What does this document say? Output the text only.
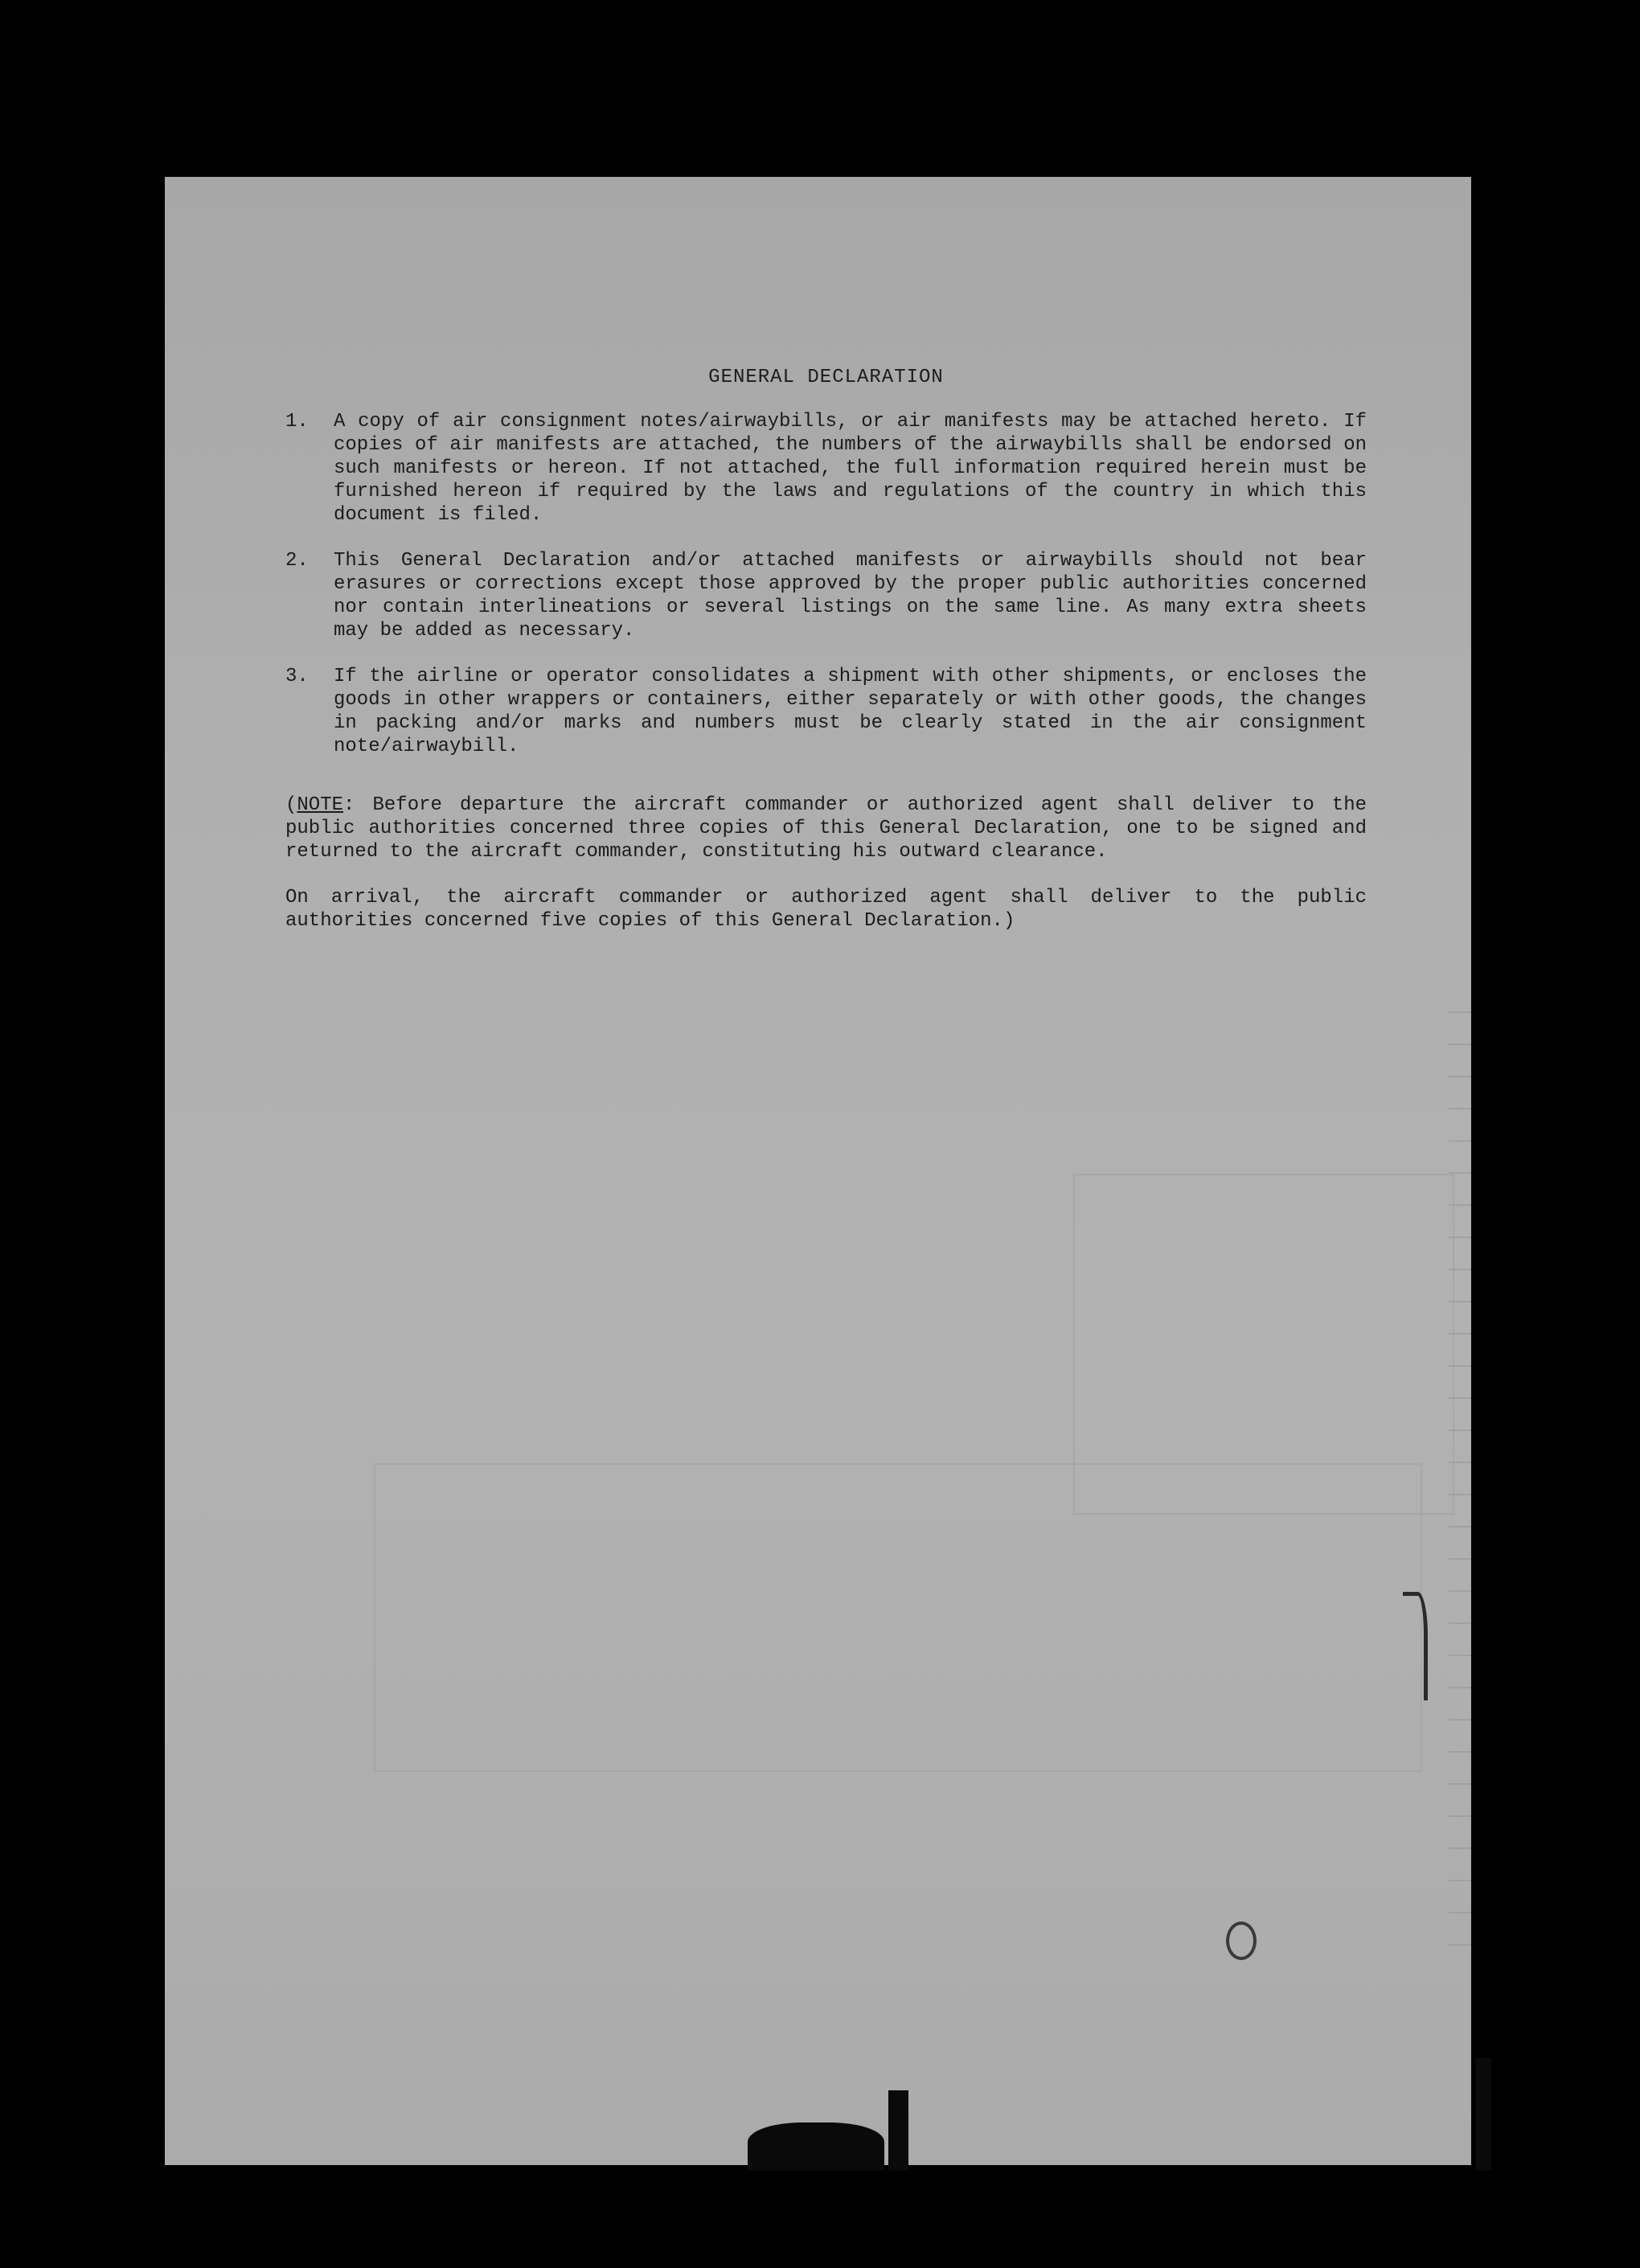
GENERAL DECLARATION
1.	A copy of air consignment notes/airwaybills, or air manifests may be attached hereto. If copies of air manifests are attached, the numbers of the airwaybills shall be endorsed on such manifests or hereon. If not attached, the full information required herein must be furnished hereon if required by the laws and regulations of the country in which this document is filed.
2.	This General Declaration and/or attached manifests or airwaybills should not bear erasures or corrections except those approved by the proper public authorities concerned nor contain interlineations or several listings on the same line. As many extra sheets may be added as necessary.
3.	If the airline or operator consolidates a shipment with other shipments, or encloses the goods in other wrappers or containers, either separately or with other goods, the changes in packing and/or marks and numbers must be clearly stated in the air consignment note/airwaybill.

(NOTE: Before departure the aircraft commander or authorized agent shall deliver to the public authorities concerned three copies of this General Declaration, one to be signed and returned to the aircraft commander, constituting his outward clearance.

On arrival, the aircraft commander or authorized agent shall deliver to the public authorities concerned five copies of this General Declaration.)
